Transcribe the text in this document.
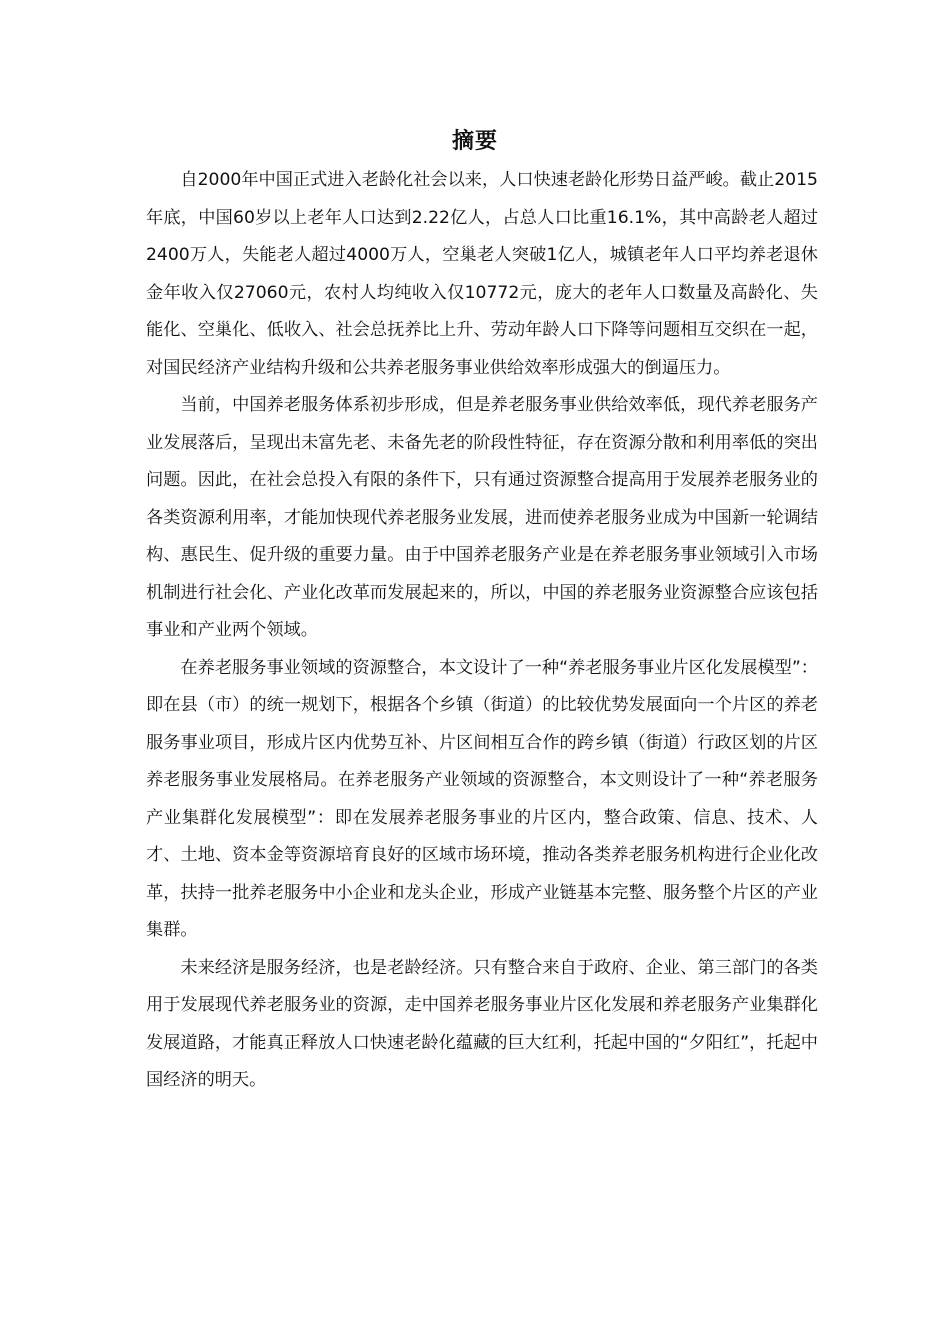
摘要

自2000年中国正式进入老龄化社会以来，人口快速老龄化形势日益严峻。截止2015年底，中国60岁以上老年人口达到2.22亿人，占总人口比重16.1%，其中高龄老人超过2400万人，失能老人超过4000万人，空巢老人突破1亿人，城镇老年人口平均养老退休金年收入仅27060元，农村人均纯收入仅10772元，庞大的老年人口数量及高龄化、失能化、空巢化、低收入、社会总抚养比上升、劳动年龄人口下降等问题相互交织在一起，对国民经济产业结构升级和公共养老服务事业供给效率形成强大的倒逼压力。

当前，中国养老服务体系初步形成，但是养老服务事业供给效率低，现代养老服务产业发展落后，呈现出未富先老、未备先老的阶段性特征，存在资源分散和利用率低的突出问题。因此，在社会总投入有限的条件下，只有通过资源整合提高用于发展养老服务业的各类资源利用率，才能加快现代养老服务业发展，进而使养老服务业成为中国新一轮调结构、惠民生、促升级的重要力量。由于中国养老服务产业是在养老服务事业领域引入市场机制进行社会化、产业化改革而发展起来的，所以，中国的养老服务业资源整合应该包括事业和产业两个领域。

在养老服务事业领域的资源整合，本文设计了一种“养老服务事业片区化发展模型”：即在县（市）的统一规划下，根据各个乡镇（街道）的比较优势发展面向一个片区的养老服务事业项目，形成片区内优势互补、片区间相互合作的跨乡镇（街道）行政区划的片区养老服务事业发展格局。在养老服务产业领域的资源整合，本文则设计了一种“养老服务产业集群化发展模型”：即在发展养老服务事业的片区内，整合政策、信息、技术、人才、土地、资本金等资源培育良好的区域市场环境，推动各类养老服务机构进行企业化改革，扶持一批养老服务中小企业和龙头企业，形成产业链基本完整、服务整个片区的产业集群。

未来经济是服务经济，也是老龄经济。只有整合来自于政府、企业、第三部门的各类用于发展现代养老服务业的资源，走中国养老服务事业片区化发展和养老服务产业集群化发展道路，才能真正释放人口快速老龄化蕴藏的巨大红利，托起中国的“夕阳红”，托起中国经济的明天。
